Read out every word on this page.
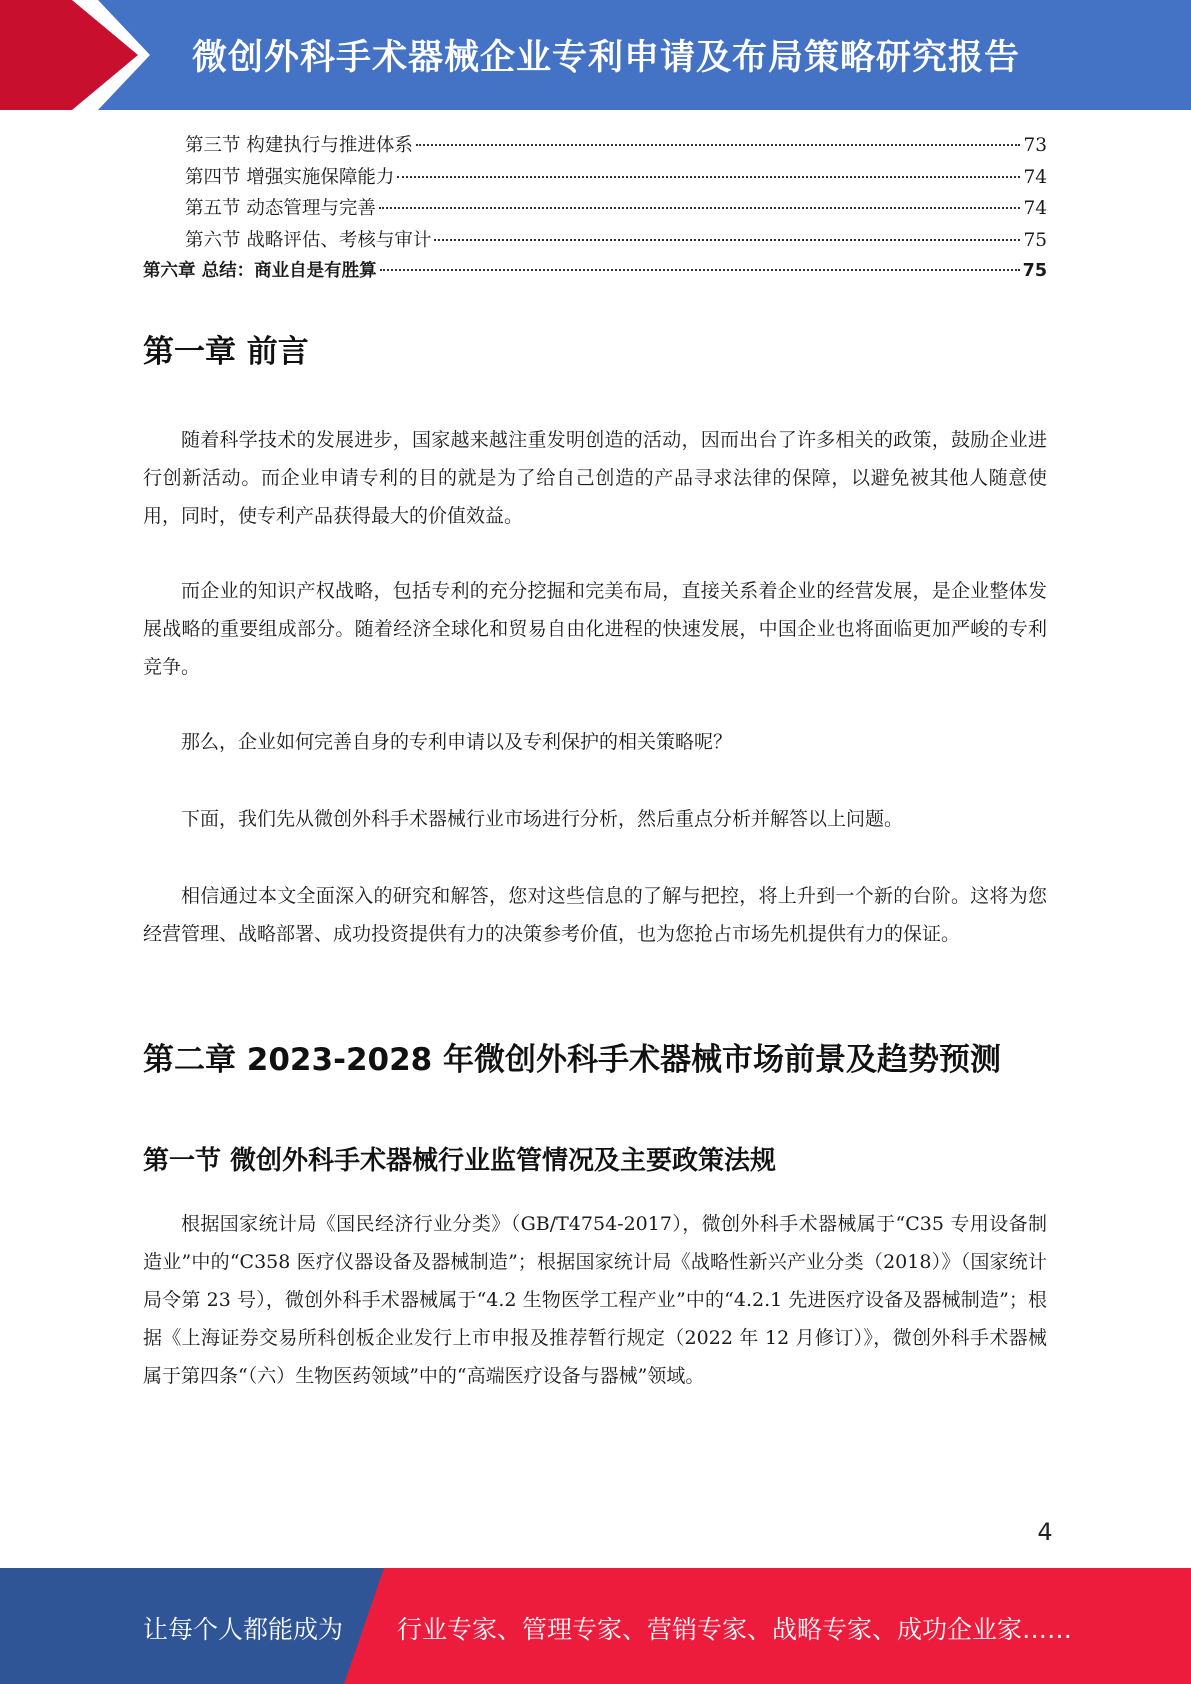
微创外科手术器械企业专利申请及布局策略研究报告
第三节 构建执行与推进体系	73
第四节 增强实施保障能力	74
第五节 动态管理与完善	74
第六节 战略评估、考核与审计	75
第六章 总结：商业自是有胜算	75
第一章 前言

随着科学技术的发展进步，国家越来越注重发明创造的活动，因而出台了许多相关的政策，鼓励企业进行创新活动。而企业申请专利的目的就是为了给自己创造的产品寻求法律的保障，以避免被其他人随意使用，同时，使专利产品获得最大的价值效益。

而企业的知识产权战略，包括专利的充分挖掘和完美布局，直接关系着企业的经营发展，是企业整体发展战略的重要组成部分。随着经济全球化和贸易自由化进程的快速发展，中国企业也将面临更加严峻的专利竞争。

那么，企业如何完善自身的专利申请以及专利保护的相关策略呢？

下面，我们先从微创外科手术器械行业市场进行分析，然后重点分析并解答以上问题。

相信通过本文全面深入的研究和解答，您对这些信息的了解与把控，将上升到一个新的台阶。这将为您经营管理、战略部署、成功投资提供有力的决策参考价值，也为您抢占市场先机提供有力的保证。

第二章 2023-2028 年微创外科手术器械市场前景及趋势预测
第一节 微创外科手术器械行业监管情况及主要政策法规

根据国家统计局《国民经济行业分类》（GB/T4754-2017），微创外科手术器械属于“C35 专用设备制造业”中的“C358 医疗仪器设备及器械制造”；根据国家统计局《战略性新兴产业分类（2018）》（国家统计局令第 23 号），微创外科手术器械属于“4.2 生物医学工程产业”中的“4.2.1 先进医疗设备及器械制造”；根据《上海证券交易所科创板企业发行上市申报及推荐暂行规定（2022 年 12 月修订）》，微创外科手术器械属于第四条“（六）生物医药领域”中的“高端医疗设备与器械”领域。

4
让每个人都能成为 行业专家、管理专家、营销专家、战略专家、成功企业家……
